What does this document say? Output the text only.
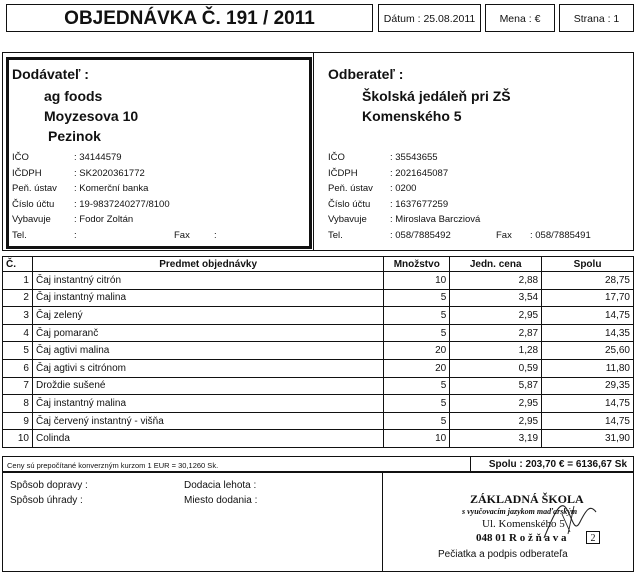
OBJEDNÁVKA Č. 191 / 2011	Dátum : 25.08.2011	Mena : €	Strana : 1
Dodávateľ :
ag foods
Moyzesova 10
Pezinok
IČO	: 34144579
IČDPH	: SK2020361772
Peň. ústav : Komerční banka
Číslo účtu : 19-9837240277/8100
Vybavuje : Fodor Zoltán
Tel.	:	Fax	:
Odberateľ :
Školská jedáleň pri ZŠ
Komenského 5
IČO	: 35543655
IČDPH	: 2021645087
Peň. ústav : 0200
Číslo účtu : 1637677259
Vybavuje : Miroslava Barcziová
Tel.	: 058/7885492	Fax : 058/7885491
Č.	Predmet objednávky	Množstvo	Jedn. cena	Spolu
1	Čaj instantný citrón	10	2,88	28,75
2	Čaj instantný malina	5	3,54	17,70
3	Čaj zelený	5	2,95	14,75
4	Čaj pomaranč	5	2,87	14,35
5	Čaj agtivi malina	20	1,28	25,60
6	Čaj agtivi s citrónom	20	0,59	11,80
7	Droždie sušené	5	5,87	29,35
8	Čaj instantný malina	5	2,95	14,75
9	Čaj červený instantný - višňa	5	2,95	14,75
10	Colinda	10	3,19	31,90
Ceny sú prepočítané konverzným kurzom 1 EUR = 30,1260 Sk.	Spolu : 203,70 € = 6136,67 Sk
Spôsob dopravy :
Spôsob úhrady :
Dodacia lehota :
Miesto dodania :	ZÁKLADNÁ ŠKOLA
s vyučovacím jazykom maďarským
Ul. Komenského 5
048 01 R o ž ň a v a	2
Pečiatka a podpis odberateľa
